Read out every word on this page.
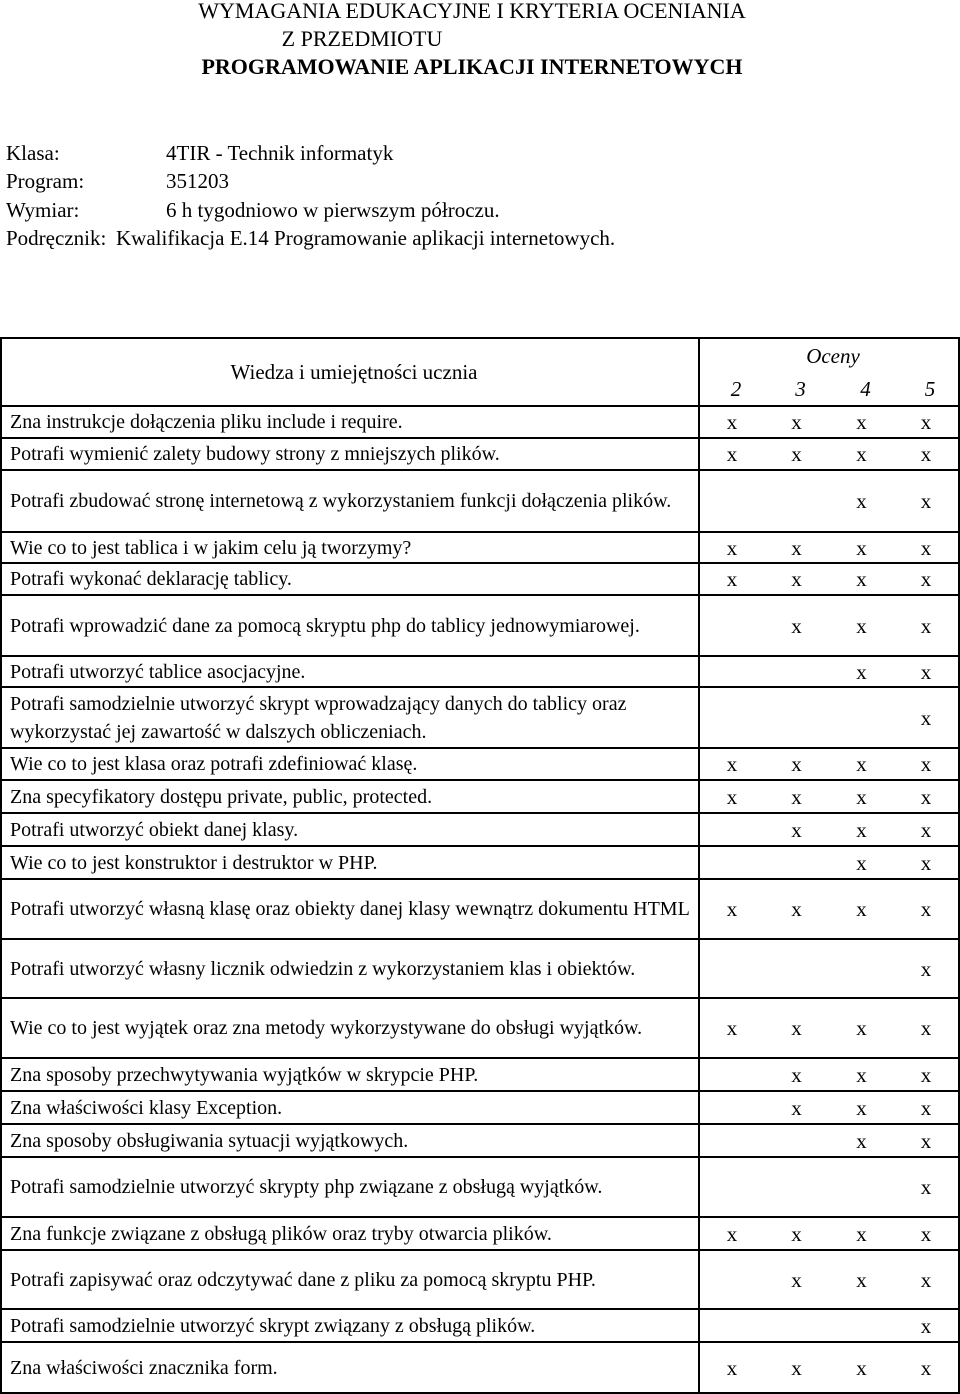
WYMAGANIA EDUKACYJNE I KRYTERIA OCENIANIA
Z PRZEDMIOTU
PROGRAMOWANIE APLIKACJI INTERNETOWYCH
Klasa:	4TIR - Technik informatyk
Program:	351203
Wymiar:	6 h tygodniowo w pierwszym półroczu.
Podręcznik: Kwalifikacja E.14 Programowanie aplikacji internetowych.
Wiedza i umiejętności ucznia	Oceny			
	2	3	4	5
Zna instrukcje dołączenia pliku include i require.	x	x	x	x
Potrafi wymienić zalety budowy strony z mniejszych plików.	x	x	x	x
Potrafi zbudować stronę internetową z wykorzystaniem funkcji dołączenia plików.			x	x
Wie co to jest tablica i w jakim celu ją tworzymy?	x	x	x	x
Potrafi wykonać deklarację tablicy.	x	x	x	x
Potrafi wprowadzić dane za pomocą skryptu php do tablicy jednowymiarowej.		x	x	x
Potrafi utworzyć tablice asocjacyjne.			x	x
Potrafi samodzielnie utworzyć skrypt wprowadzający danych do tablicy oraz wykorzystać jej zawartość w dalszych obliczeniach.				x
Wie co to jest klasa oraz potrafi zdefiniować klasę.	x	x	x	x
Zna specyfikatory dostępu private, public, protected.	x	x	x	x
Potrafi utworzyć obiekt danej klasy.		x	x	x
Wie co to jest konstruktor i destruktor w PHP.			x	x
Potrafi utworzyć własną klasę oraz obiekty danej klasy wewnątrz dokumentu HTML	x	x	x	x
Potrafi utworzyć własny licznik odwiedzin z wykorzystaniem klas i obiektów.				x
Wie co to jest wyjątek oraz zna metody wykorzystywane do obsługi wyjątków.	x	x	x	x
Zna sposoby przechwytywania wyjątków w skrypcie PHP.		x	x	x
Zna właściwości klasy Exception.		x	x	x
Zna sposoby obsługiwania sytuacji wyjątkowych.			x	x
Potrafi samodzielnie utworzyć skrypty php związane z obsługą wyjątków.				x
Zna funkcje związane z obsługą plików oraz tryby otwarcia plików.	x	x	x	x
Potrafi zapisywać oraz odczytywać dane z pliku za pomocą skryptu PHP.		x	x	x
Potrafi samodzielnie utworzyć skrypt związany z obsługą plików.				x
Zna właściwości znacznika form.	x	x	x	x
